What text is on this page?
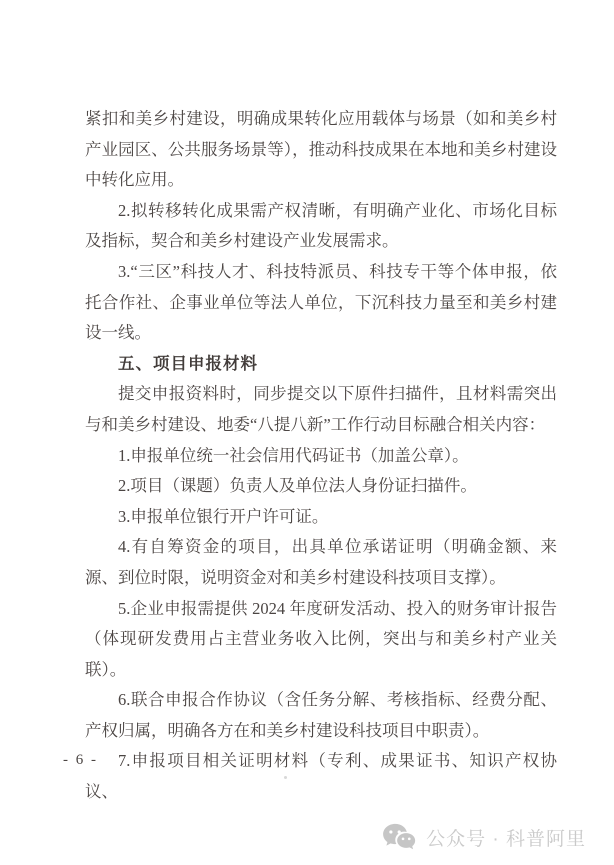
紧扣和美乡村建设，明确成果转化应用载体与场景（如和美乡村产业园区、公共服务场景等），推动科技成果在本地和美乡村建设中转化应用。

2.拟转移转化成果需产权清晰，有明确产业化、市场化目标及指标，契合和美乡村建设产业发展需求。

3.“三区”科技人才、科技特派员、科技专干等个体申报，依托合作社、企事业单位等法人单位，下沉科技力量至和美乡村建设一线。

五、项目申报材料

提交申报资料时，同步提交以下原件扫描件，且材料需突出与和美乡村建设、地委“八提八新”工作行动目标融合相关内容：

1.申报单位统一社会信用代码证书（加盖公章）。

2.项目（课题）负责人及单位法人身份证扫描件。

3.申报单位银行开户许可证。

4.有自筹资金的项目，出具单位承诺证明（明确金额、来源、到位时限，说明资金对和美乡村建设科技项目支撑）。

5.企业申报需提供 2024 年度研发活动、投入的财务审计报告（体现研发费用占主营业务收入比例，突出与和美乡村产业关联）。

6.联合申报合作协议（含任务分解、考核指标、经费分配、产权归属，明确各方在和美乡村建设科技项目中职责）。

7.申报项目相关证明材料（专利、成果证书、知识产权协议、

- 6 -
公众号 · 科普阿里
